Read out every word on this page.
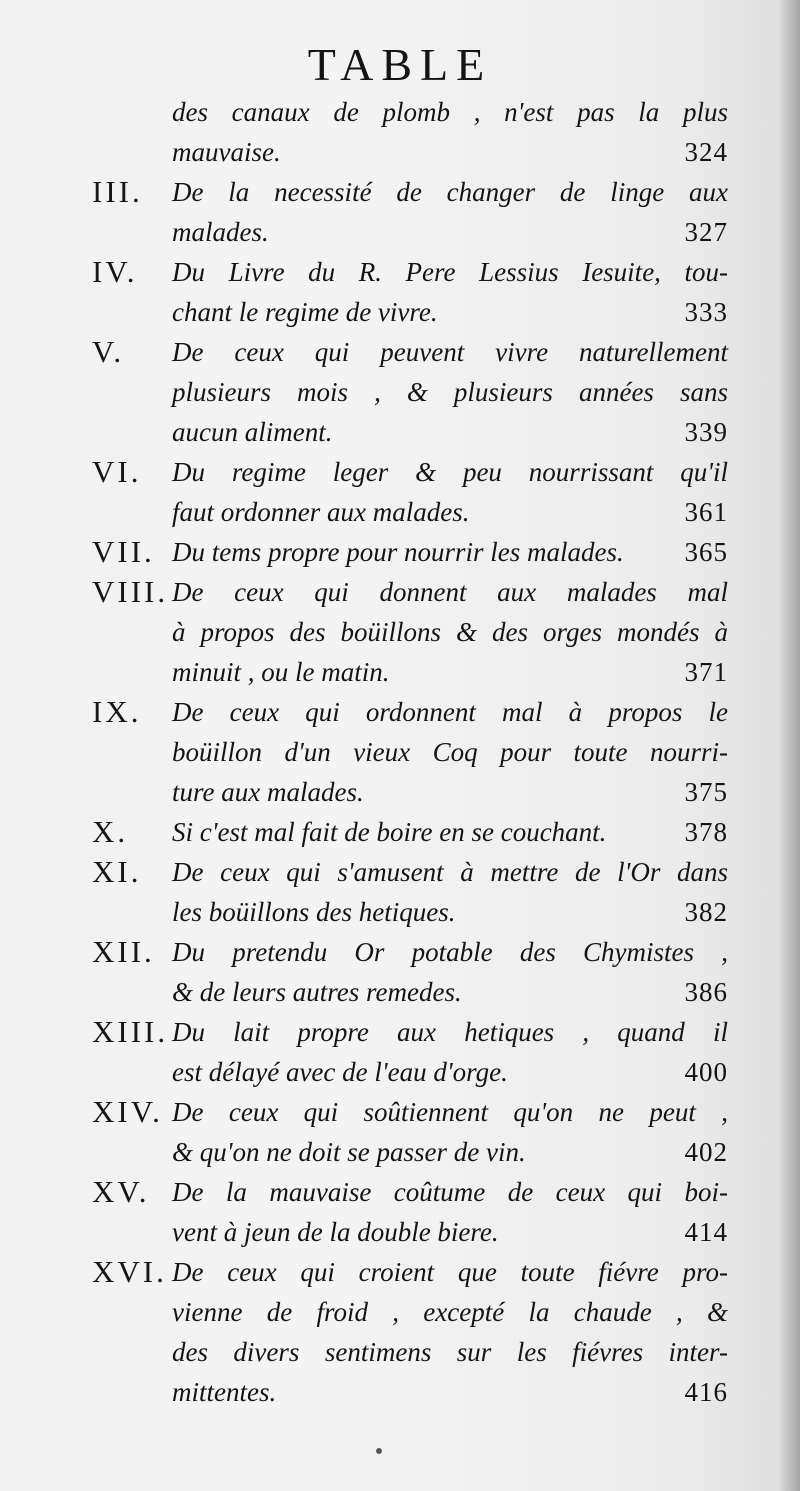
TABLE
des canaux de plomb , n'est pas la plus
mauvaise.	324
III. De la necessité de changer de linge aux
malades.	327
IV. Du Livre du R. Pere Lessius Iesuite, tou-
chant le regime de vivre.	333
V. De ceux qui peuvent vivre naturellement
plusieurs mois , & plusieurs années sans
aucun aliment.	339
VI. Du regime leger & peu nourrissant qu'il
faut ordonner aux malades.	361
VII. Du tems propre pour nourrir les malades. 365
VIII. De ceux qui donnent aux malades mal
à propos des boüillons & des orges mondés à
minuit , ou le matin.	371
IX. De ceux qui ordonnent mal à propos le
boüillon d'un vieux Coq pour toute nourri-
ture aux malades.	375
X. Si c'est mal fait de boire en se couchant.	378
XI. De ceux qui s'amusent à mettre de l'Or dans
les boüillons des hetiques.	382
XII. Du pretendu Or potable des Chymistes ,
& de leurs autres remedes.	386
XIII. Du lait propre aux hetiques , quand il
est délayé avec de l'eau d'orge.	400
XIV. De ceux qui soûtiennent qu'on ne peut ,
& qu'on ne doit se passer de vin.	402
XV. De la mauvaise coûtume de ceux qui boi-
vent à jeun de la double biere.	414
XVI. De ceux qui croient que toute fiévre pro-
vienne de froid , excepté la chaude , &
des divers sentimens sur les fiévres inter-
mittentes.	416
